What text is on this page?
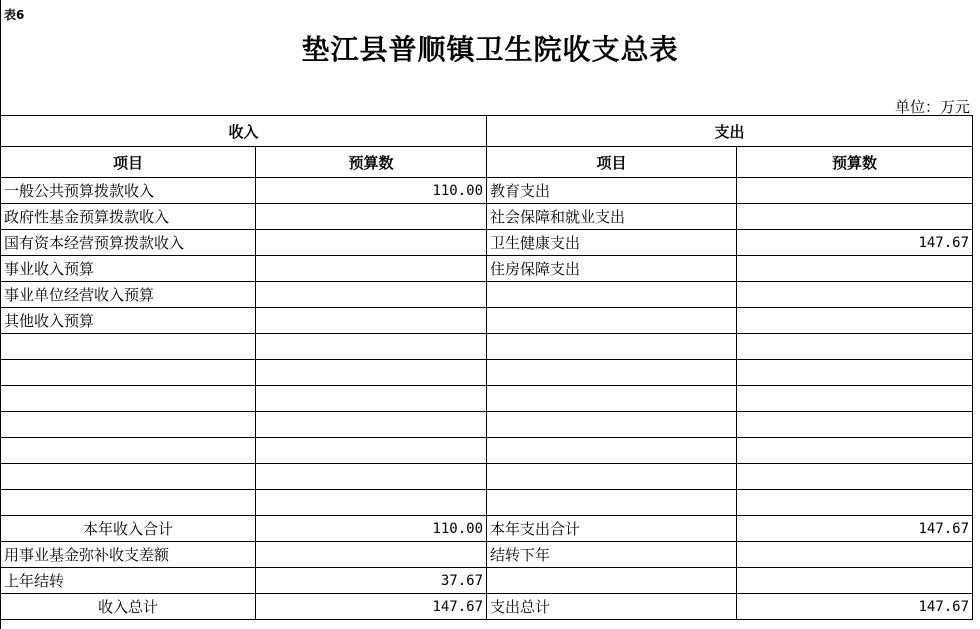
表6
垫江县普顺镇卫生院收支总表
单位：万元
收入		支出	
项目	预算数	项目	预算数
一般公共预算拨款收入	110.00	教育支出	
政府性基金预算拨款收入		社会保障和就业支出	
国有资本经营预算拨款收入		卫生健康支出	147.67
事业收入预算		住房保障支出	
事业单位经营收入预算			
其他收入预算			

本年收入合计	110.00	本年支出合计	147.67
用事业基金弥补收支差额		结转下年	
上年结转	37.67		
收入总计	147.67	支出总计	147.67
